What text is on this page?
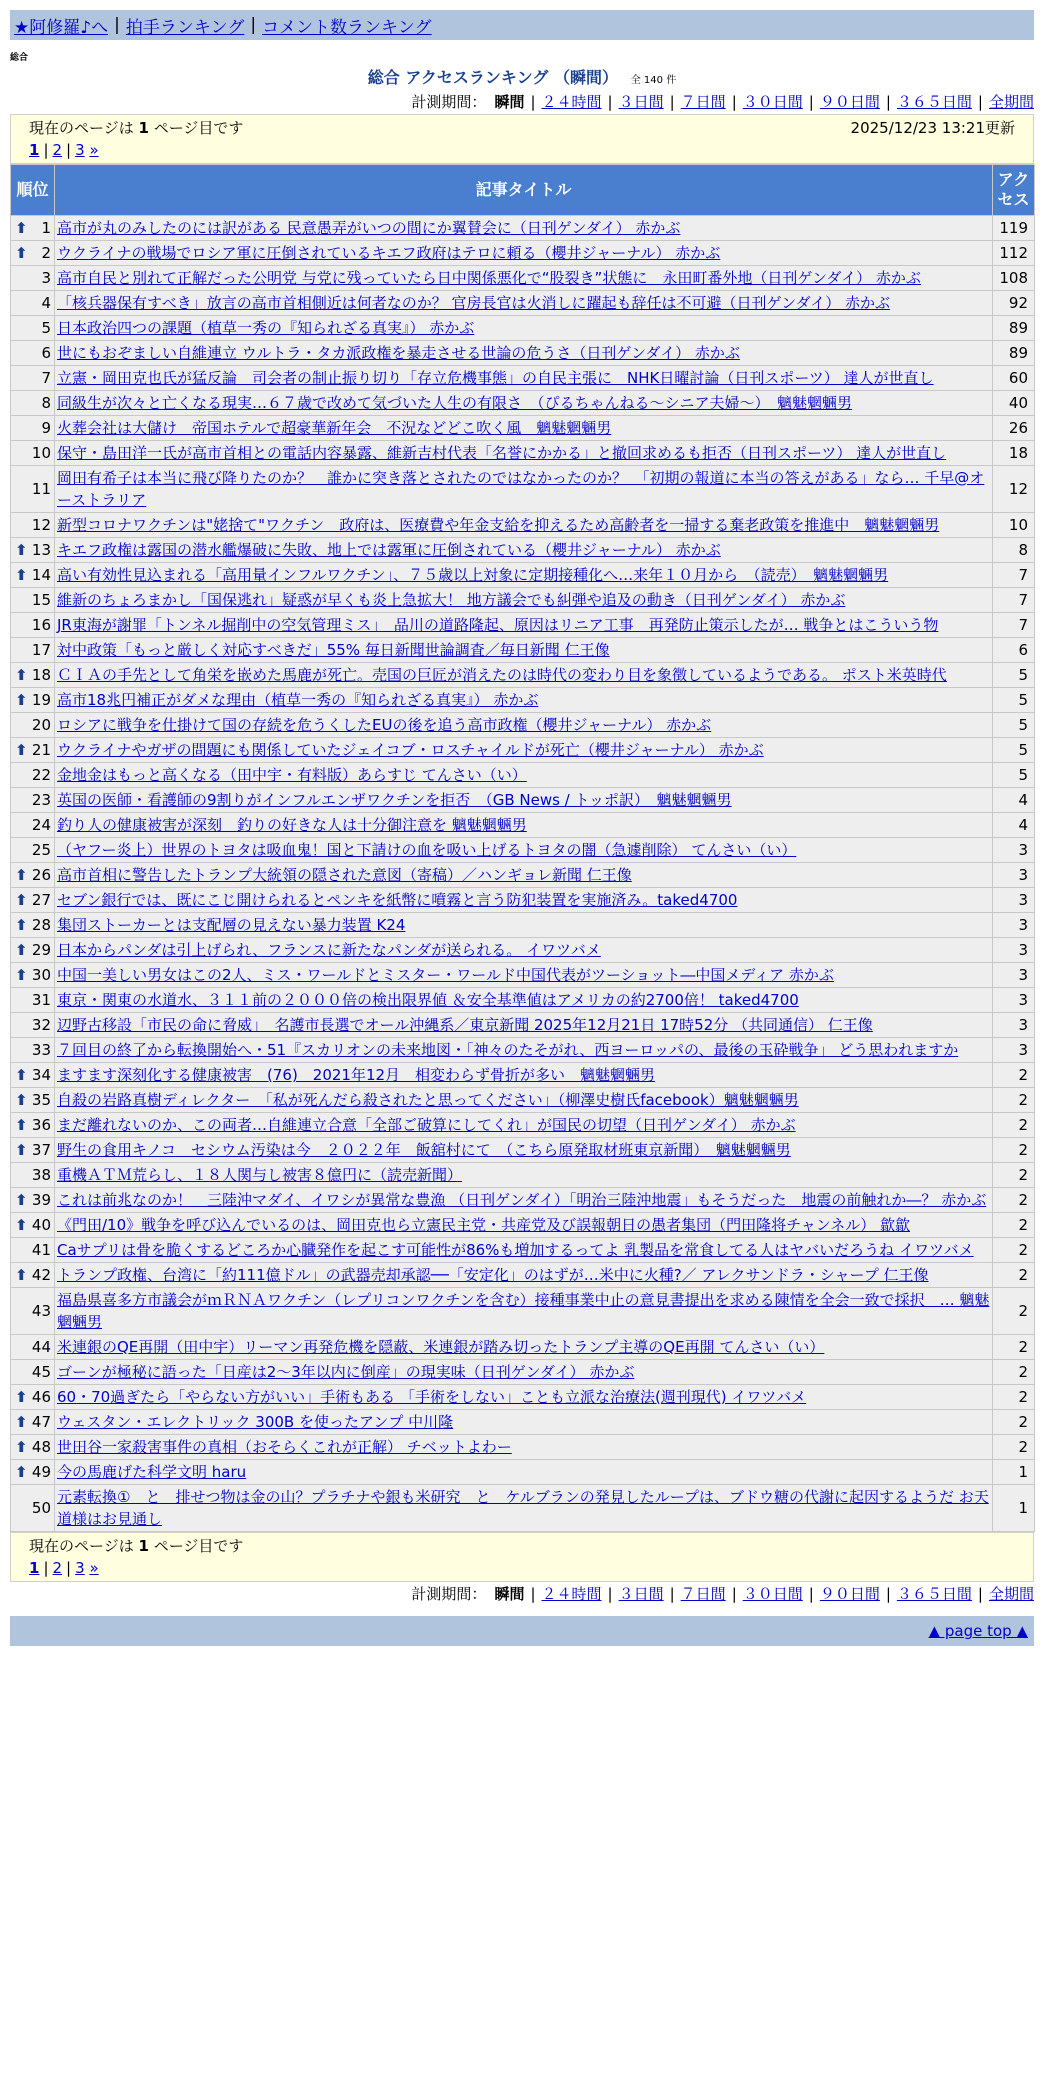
★阿修羅♪へ | 拍手ランキング | コメント数ランキング
総合
総合 アクセスランキング （瞬間） 全 140 件
計測期間： 瞬間 | ２４時間 | ３日間 | ７日間 | ３０日間 | ９０日間 | ３６５日間 | 全期間
現在のページは 1 ページ目です	2025/12/23 13:21更新
1 | 2 | 3 »
順位	記事タイトル	アクセス

⬆ 1	高市が丸のみしたのには訳がある 民意愚弄がいつの間にか翼賛会に（日刊ゲンダイ） 赤かぶ	119

⬆ 2	ウクライナの戦場でロシア軍に圧倒されているキエフ政府はテロに頼る（櫻井ジャーナル） 赤かぶ	112
3	高市自民と別れて正解だった公明党 与党に残っていたら日中関係悪化で“股裂き”状態に　永田町番外地（日刊ゲンダイ） 赤かぶ	108
4	「核兵器保有すべき」放言の高市首相側近は何者なのか？ 官房長官は火消しに躍起も辞任は不可避（日刊ゲンダイ） 赤かぶ	92
5	日本政治四つの課題（植草一秀の『知られざる真実』） 赤かぶ	89
6	世にもおぞましい自維連立 ウルトラ・タカ派政権を暴走させる世論の危うさ（日刊ゲンダイ） 赤かぶ	89
7	立憲・岡田克也氏が猛反論　司会者の制止振り切り「存立危機事態」の自民主張に　NHK日曜討論（日刊スポーツ） 達人が世直し	60
8	同級生が次々と亡くなる現実…６７歳で改めて気づいた人生の有限さ　（ぴるちゃんねる～シニア夫婦～）　魑魅魍魎男	40
9	火葬会社は大儲け　帝国ホテルで超豪華新年会　不況などどこ吹く風　魑魅魍魎男	26
10	保守・島田洋一氏が高市首相との電話内容暴露、維新吉村代表「名誉にかかる」と撤回求めるも拒否（日刊スポーツ） 達人が世直し	18
11	岡田有希子は本当に飛び降りたのか？　誰かに突き落とされたのではなかったのか？　「初期の報道に本当の答えがある」なら… 千早@オーストラリア	12
12	新型コロナワクチンは"姥捨て"ワクチン　政府は、医療費や年金支給を抑えるため高齢者を一掃する棄老政策を推進中　魑魅魍魎男	10

⬆ 13	キエフ政権は露国の潜水艦爆破に失敗、地上では露軍に圧倒されている（櫻井ジャーナル） 赤かぶ	8

⬆ 14	高い有効性見込まれる「高用量インフルワクチン」、７５歳以上対象に定期接種化へ…来年１０月から　（読売）　魑魅魍魎男	7
15	維新のちょろまかし「国保逃れ」疑惑が早くも炎上急拡大！ 地方議会でも糾弾や追及の動き（日刊ゲンダイ） 赤かぶ	7
16	JR東海が謝罪「トンネル掘削中の空気管理ミス」　品川の道路隆起、原因はリニア工事　再発防止策示したが… 戦争とはこういう物	7
17	対中政策「もっと厳しく対応すべきだ」55% 毎日新聞世論調査／毎日新聞 仁王像	6

⬆ 18	ＣＩＡの手先として角栄を嵌めた馬鹿が死亡。売国の巨匠が消えたのは時代の変わり目を象徴しているようである。 ポスト米英時代	5

⬆ 19	高市18兆円補正がダメな理由（植草一秀の『知られざる真実』） 赤かぶ	5
20	ロシアに戦争を仕掛けて国の存続を危うくしたEUの後を追う高市政権（櫻井ジャーナル） 赤かぶ	5

⬆ 21	ウクライナやガザの問題にも関係していたジェイコブ・ロスチャイルドが死亡（櫻井ジャーナル） 赤かぶ	5
22	金地金はもっと高くなる（田中宇・有料版）あらすじ てんさい（い）	5
23	英国の医師・看護師の9割りがインフルエンザワクチンを拒否　（GB News / トッポ訳）　魑魅魍魎男	4
24	釣り人の健康被害が深刻　釣りの好きな人は十分御注意を 魑魅魍魎男	4
25	（ヤフー炎上）世界のトヨタは吸血鬼！国と下請けの血を吸い上げるトヨタの闇（急遽削除） てんさい（い）	3

⬆ 26	高市首相に警告したトランプ大統領の隠された意図（寄稿）／ハンギョレ新聞 仁王像	3

⬆ 27	セブン銀行では、既にこじ開けられるとペンキを紙幣に噴霧と言う防犯装置を実施済み。taked4700	3

⬆ 28	集団ストーカーとは支配層の見えない暴力装置 K24	3

⬆ 29	日本からパンダは引上げられ、フランスに新たなパンダが送られる。 イワツバメ	3

⬆ 30	中国一美しい男女はこの2人、ミス・ワールドとミスター・ワールド中国代表がツーショット―中国メディア 赤かぶ	3
31	東京・関東の水道水、３１１前の２０００倍の検出限界値 ＆安全基準値はアメリカの約2700倍！ taked4700	3
32	辺野古移設「市民の命に脅威」　名護市長選でオール沖縄系／東京新聞 2025年12月21日 17時52分 （共同通信） 仁王像	3
33	７回目の終了から転換開始へ・51『スカリオンの未来地図・「神々のたそがれ、西ヨーロッパの、最後の玉砕戦争」 どう思われますか	3

⬆ 34	ますます深刻化する健康被害　(76)　2021年12月　相変わらず骨折が多い　魑魅魍魎男	2

⬆ 35	自殺の岩路真樹ディレクター　「私が死んだら殺されたと思ってください」（柳澤史樹氏facebook）魑魅魍魎男	2

⬆ 36	まだ離れないのか、この両者…自維連立合意「全部ご破算にしてくれ」が国民の切望（日刊ゲンダイ） 赤かぶ	2

⬆ 37	野生の食用キノコ　セシウム汚染は今　２０２２年　飯舘村にて　（こちら原発取材班東京新聞）　魑魅魍魎男	2
38	重機ＡＴＭ荒らし、１８人関与し被害８億円に（読売新聞）	2

⬆ 39	これは前兆なのか！　三陸沖マダイ、イワシが異常な豊漁 （日刊ゲンダイ）「明治三陸沖地震」もそうだった　地震の前触れか―？ 赤かぶ	2

⬆ 40	《門田/10》戦争を呼び込んでいるのは、岡田克也ら立憲民主党・共産党及び誤報朝日の愚者集団（門田隆将チャンネル） 歙歙	2
41	Caサプリは骨を脆くするどころか心臓発作を起こす可能性が86%も増加するってよ 乳製品を常食してる人はヤバいだろうね イワツバメ	2

⬆ 42	トランプ政権、台湾に「約111億ドル」の武器売却承認──「安定化」のはずが…米中に火種?／ アレクサンドラ・シャープ 仁王像	2
43	福島県喜多方市議会がｍＲＮＡワクチン（レプリコンワクチンを含む）接種事業中止の意見書提出を求める陳情を全会一致で採択　… 魑魅魍魎男	2
44	米連銀のQE再開（田中宇）リーマン再発危機を隠蔽、米連銀が踏み切ったトランプ主導のQE再開 てんさい（い）	2
45	ゴーンが極秘に語った「日産は2～3年以内に倒産」の現実味（日刊ゲンダイ） 赤かぶ	2

⬆ 46	60・70過ぎたら「やらない方がいい」手術もある 「手術をしない」ことも立派な治療法(週刊現代) イワツバメ	2

⬆ 47	ウェスタン・エレクトリック 300B を使ったアンプ 中川隆	2

⬆ 48	世田谷一家殺害事件の真相（おそらくこれが正解） チベットよわー	2

⬆ 49	今の馬鹿げた科学文明 haru	1
50	元素転換①　と　排せつ物は金の山？プラチナや銀も米研究　と　ケルブランの発見したループは、ブドウ糖の代謝に起因するようだ お天道様はお見通し	1
現在のページは 1 ページ目です
1 | 2 | 3 »
計測期間： 瞬間 | ２４時間 | ３日間 | ７日間 | ３０日間 | ９０日間 | ３６５日間 | 全期間
▲ page top ▲
